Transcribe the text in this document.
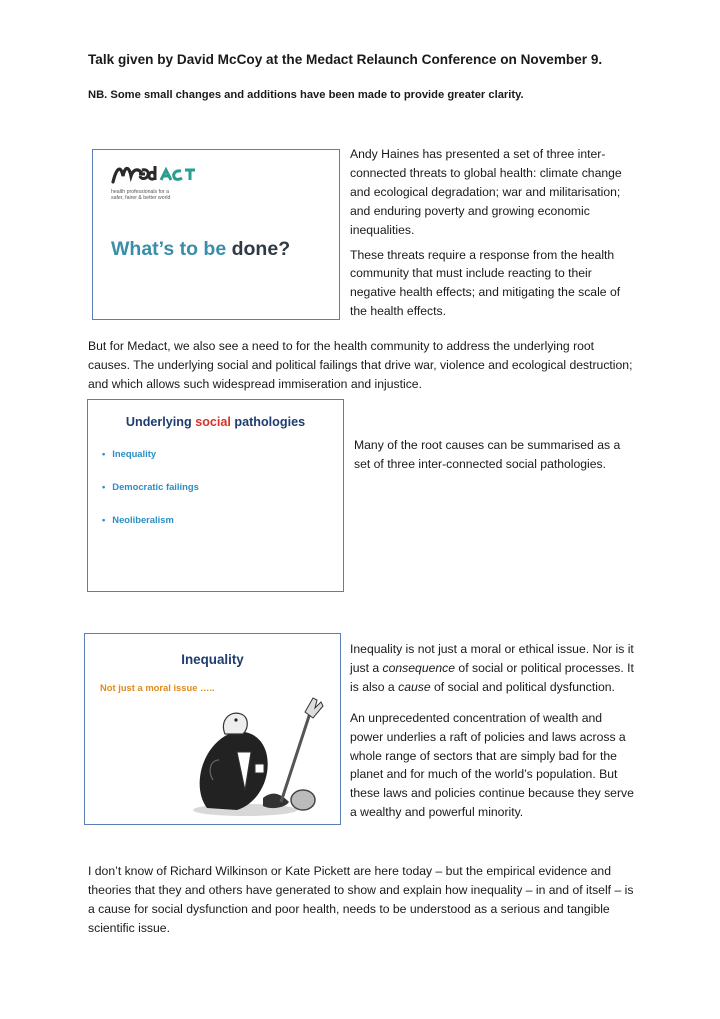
Talk given by David McCoy at the Medact Relaunch Conference on November 9.
NB. Some small changes and additions have been made to provide greater clarity.
health professionals for a safer, fairer & better world
What’s to be done?

Andy Haines has presented a set of three inter-connected threats to global health: climate change and ecological degradation; war and militarisation; and enduring poverty and growing economic inequalities.

These threats require a response from the health community that must include reacting to their negative health effects; and mitigating the scale of the health effects.

But for Medact, we also see a need to for the health community to address the underlying root causes. The underlying social and political failings that drive war, violence and ecological destruction; and which allows such widespread immiseration and injustice.

Underlying social pathologies
• Inequality
• Democratic failings
• Neoliberalism

Many of the root causes can be summarised as a set of three inter-connected social pathologies.

Inequality
Not just a moral issue …..

Inequality is not just a moral or ethical issue. Nor is it just a consequence of social or political processes. It is also a cause of social and political dysfunction.

An unprecedented concentration of wealth and power underlies a raft of policies and laws across a whole range of sectors that are simply bad for the planet and for much of the world’s population. But these laws and policies continue because they serve a wealthy and powerful minority.

I don’t know of Richard Wilkinson or Kate Pickett are here today – but the empirical evidence and theories that they and others have generated to show and explain how inequality – in and of itself – is a cause for social dysfunction and poor health, needs to be understood as a serious and tangible scientific issue.
